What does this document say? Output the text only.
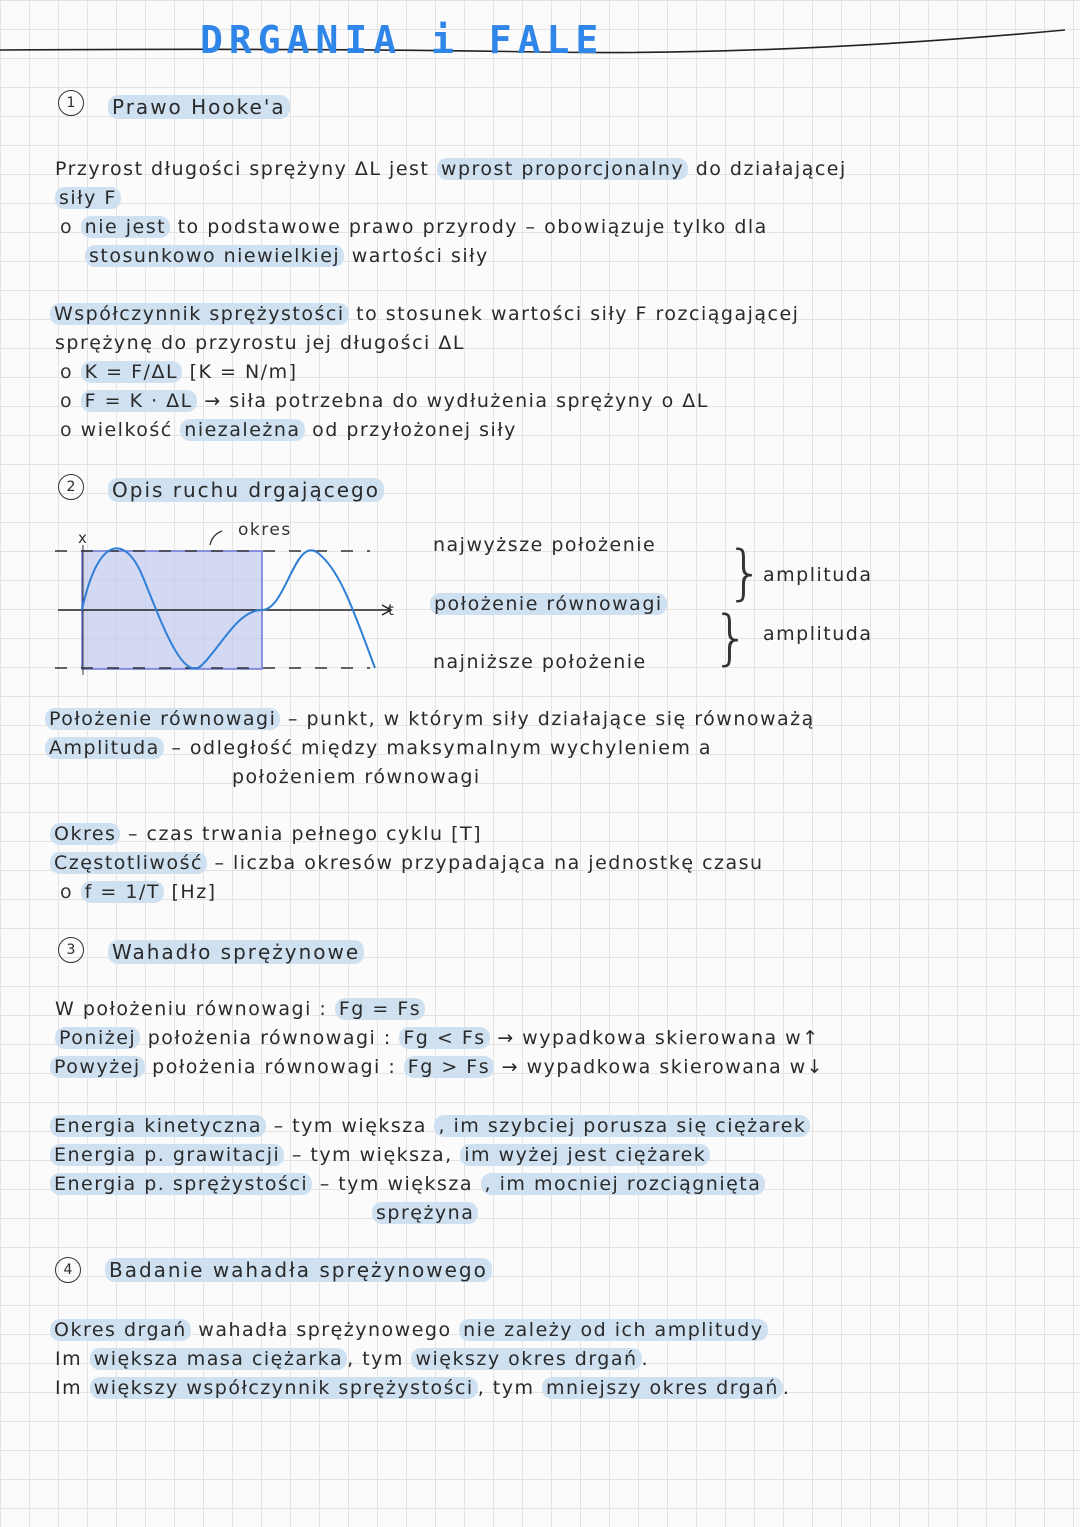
DRGANIA i FALE
1	Prawo Hooke'a
Przyrost długości sprężyny ΔL jest wprost proporcjonalny do działającej
siły F
o nie jest to podstawowe prawo przyrody – obowiązuje tylko dla
stosunkowo niewielkiej wartości siły
Współczynnik sprężystości to stosunek wartości siły F rozciągającej
sprężynę do przyrostu jej długości ΔL
o K = F/ΔL [K = N/m]
o F = K · ΔL → siła potrzebna do wydłużenia sprężyny o ΔL
o wielkość niezależna od przyłożonej siły
2	Opis ruchu drgającego
x
t
okres
najwyższe położenie
położenie równowagi
najniższe położenie
}
}
amplituda
amplituda
Położenie równowagi – punkt, w którym siły działające się równoważą
Amplituda – odległość między maksymalnym wychyleniem a
położeniem równowagi
Okres – czas trwania pełnego cyklu [T]
Częstotliwość – liczba okresów przypadająca na jednostkę czasu
o f = 1/T [Hz]
3	Wahadło sprężynowe
W położeniu równowagi : Fg = Fs
Poniżej położenia równowagi : Fg < Fs → wypadkowa skierowana w↑
Powyżej położenia równowagi : Fg > Fs → wypadkowa skierowana w↓
Energia kinetyczna – tym większa , im szybciej porusza się ciężarek
Energia p. grawitacji – tym większa, im wyżej jest ciężarek
Energia p. sprężystości – tym większa , im mocniej rozciągnięta
sprężyna
4	Badanie wahadła sprężynowego
Okres drgań wahadła sprężynowego nie zależy od ich amplitudy
Im większa masa ciężarka , tym większy okres drgań .
Im większy współczynnik sprężystości , tym mniejszy okres drgań .
